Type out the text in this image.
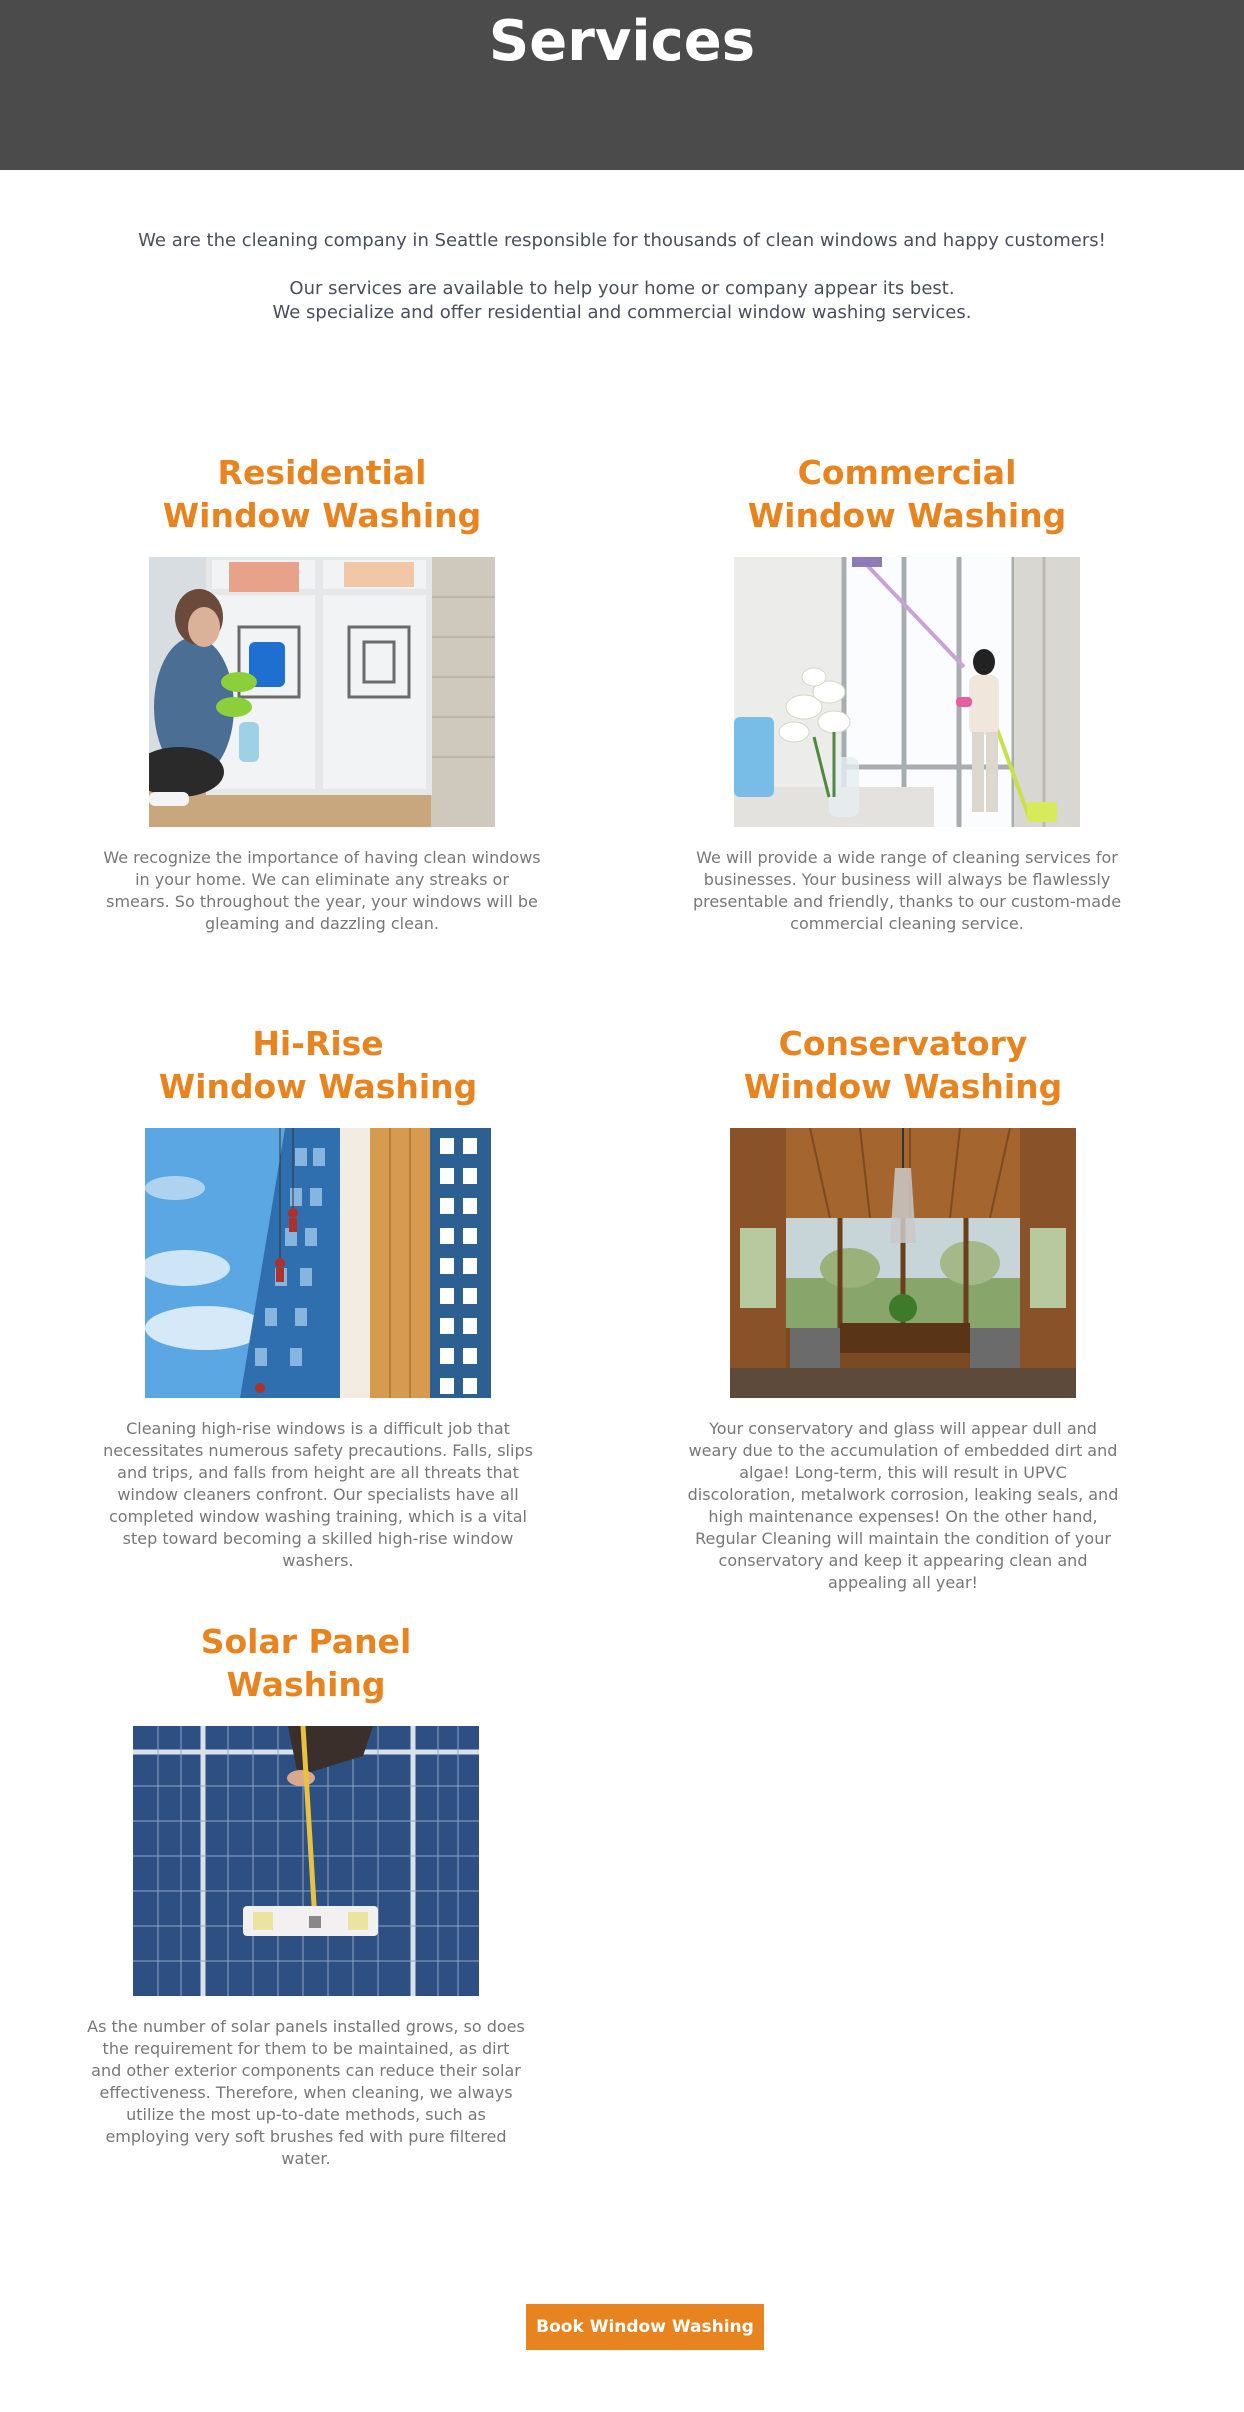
Services
We are the cleaning company in Seattle responsible for thousands of clean windows and happy customers!
Our services are available to help your home or company appear its best.
We specialize and offer residential and commercial window washing services.
Residential
Window Washing

We recognize the importance of having clean windows in your home. We can eliminate any streaks or smears. So throughout the year, your windows will be gleaming and dazzling clean.

Commercial
Window Washing

We will provide a wide range of cleaning services for businesses. Your business will always be flawlessly presentable and friendly, thanks to our custom-made commercial cleaning service.

Hi-Rise
Window Washing

Cleaning high-rise windows is a difficult job that necessitates numerous safety precautions. Falls, slips and trips, and falls from height are all threats that window cleaners confront. Our specialists have all completed window washing training, which is a vital step toward becoming a skilled high-rise window washers.

Conservatory
Window Washing

Your conservatory and glass will appear dull and weary due to the accumulation of embedded dirt and algae! Long-term, this will result in UPVC discoloration, metalwork corrosion, leaking seals, and high maintenance expenses! On the other hand, Regular Cleaning will maintain the condition of your conservatory and keep it appearing clean and appealing all year!

Solar Panel
Washing

As the number of solar panels installed grows, so does the requirement for them to be maintained, as dirt and other exterior components can reduce their solar effectiveness. Therefore, when cleaning, we always utilize the most up-to-date methods, such as employing very soft brushes fed with pure filtered water.

Book Window Washing
